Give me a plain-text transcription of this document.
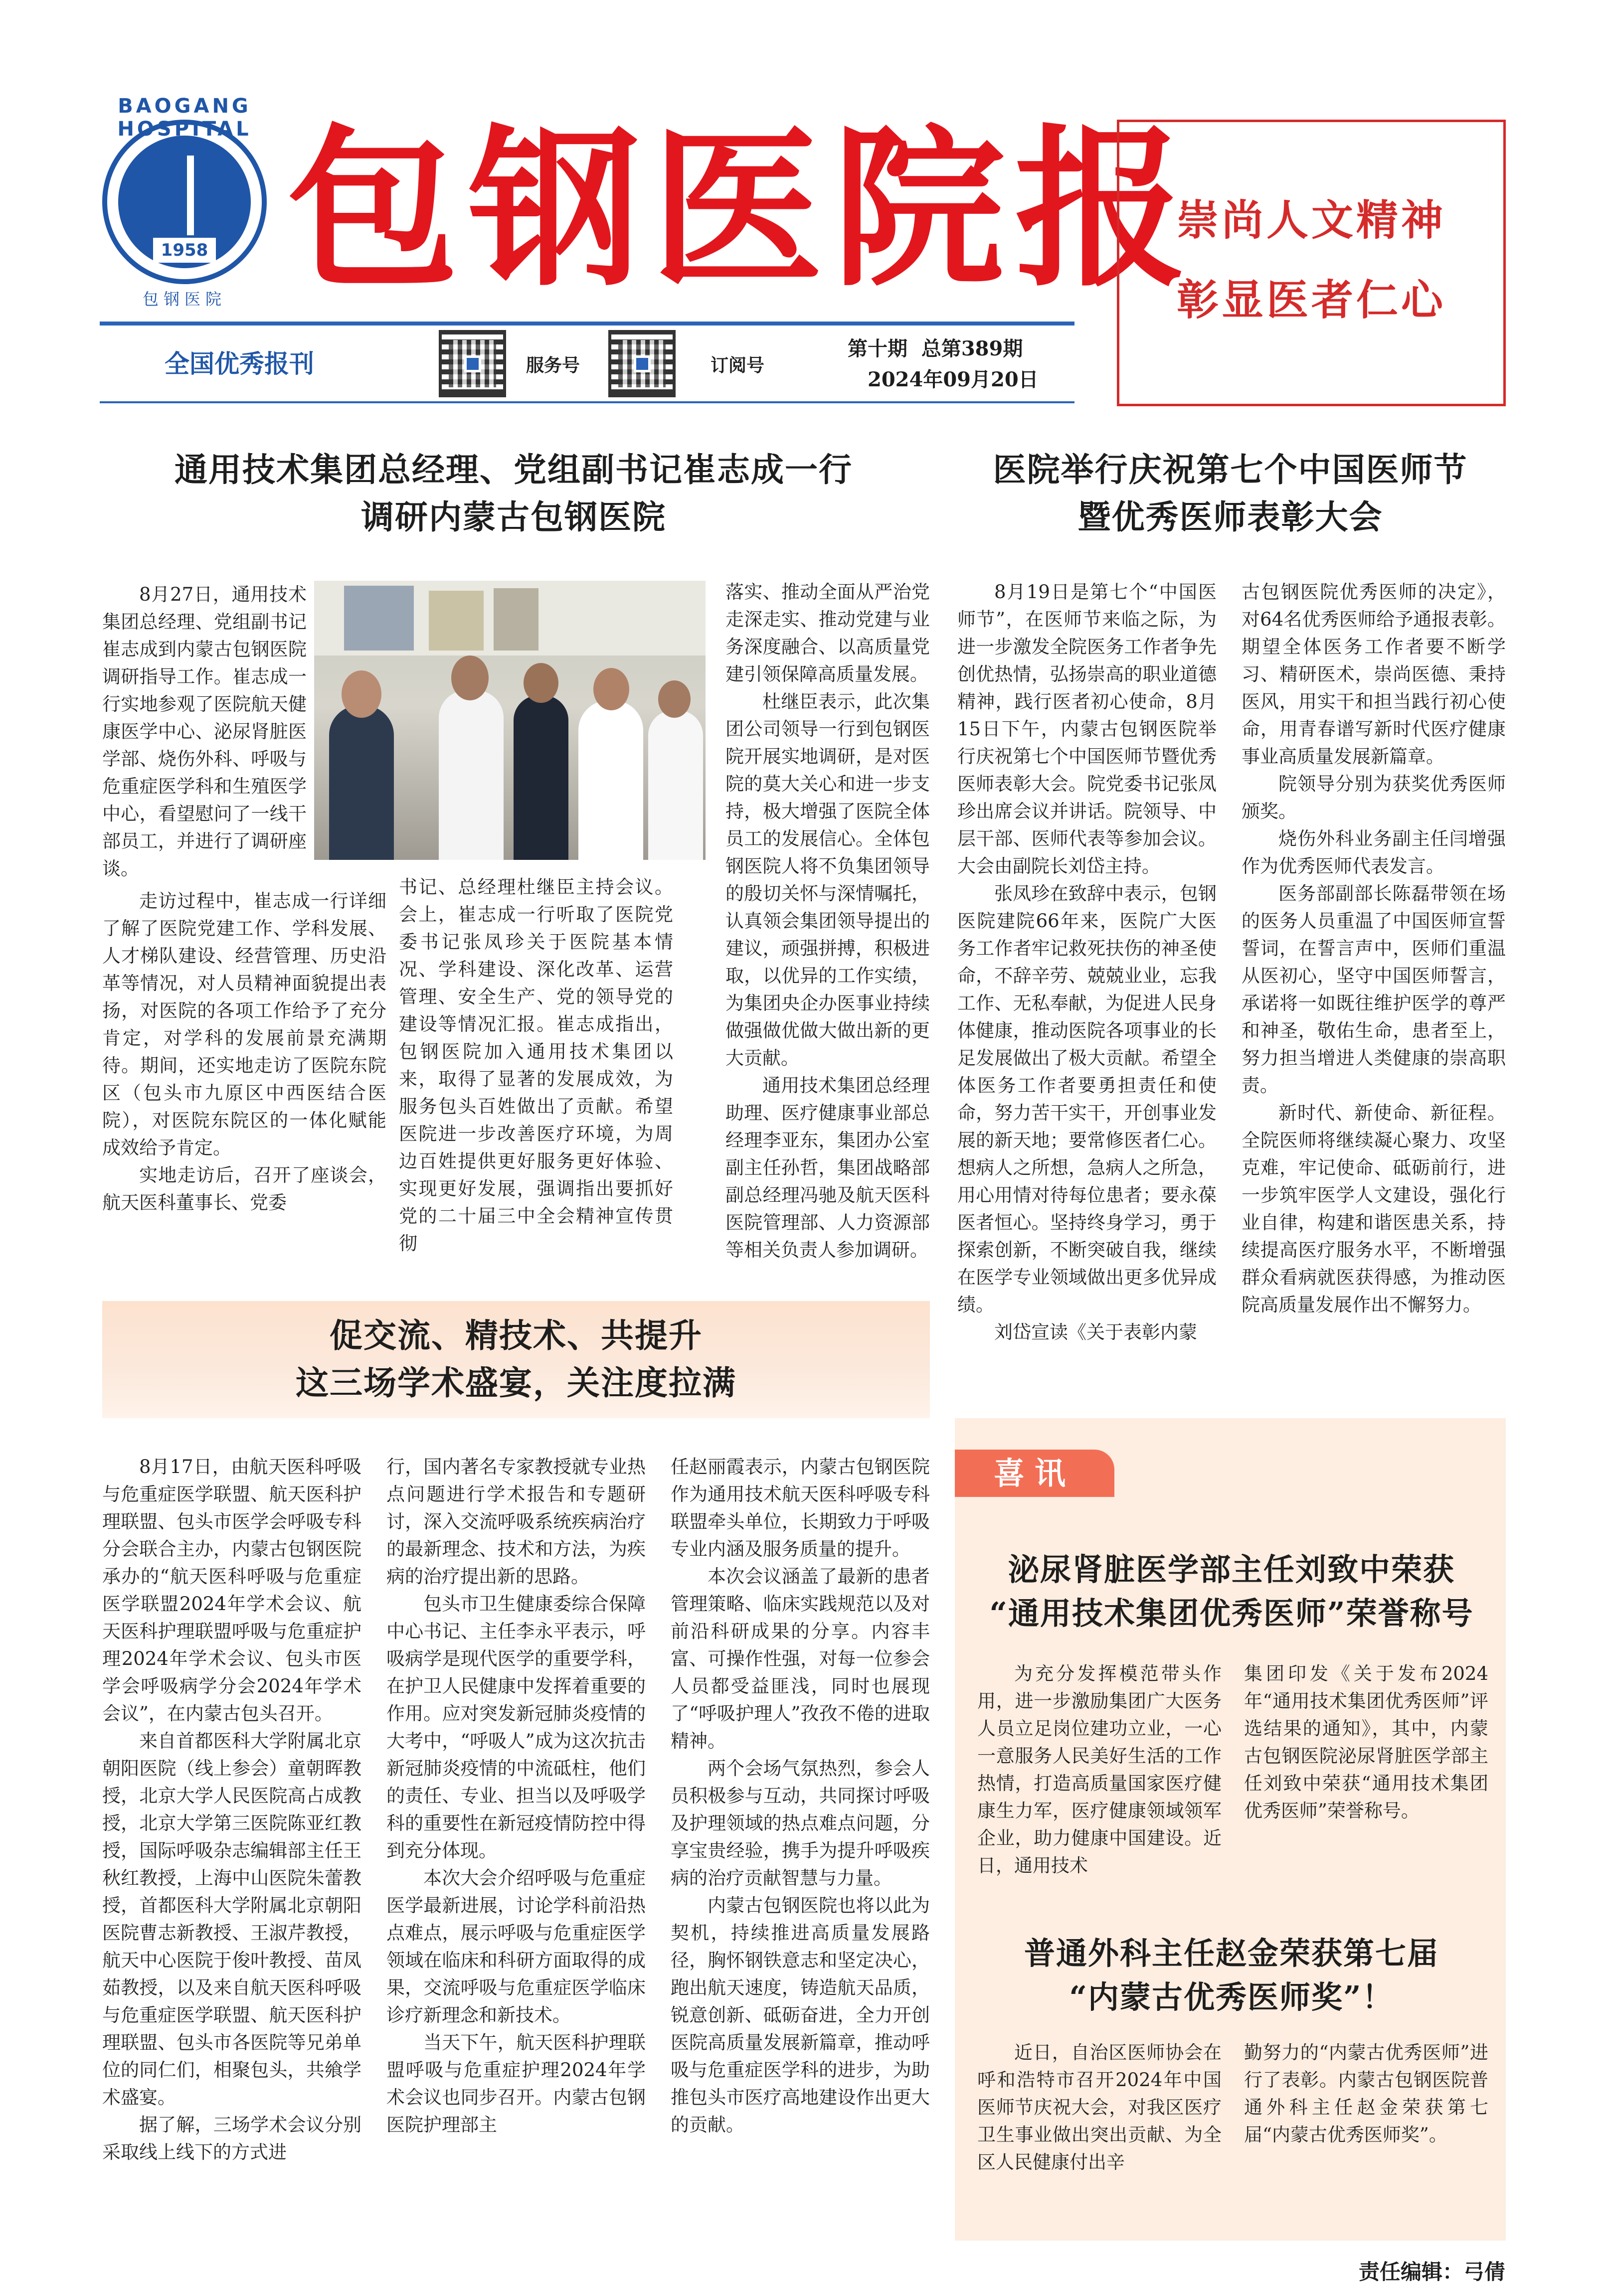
1958
BAOGANG HOSPITAL
包钢医院 包钢医院报
崇尚人文精神
彰显医者仁心
全国优秀报刊	服务号	订阅号
第十期  总第389期
2024年09月20日
通用技术集团总经理、党组副书记崔志成一行
调研内蒙古包钢医院

8月27日，通用技术集团总经理、党组副书记崔志成到内蒙古包钢医院调研指导工作。崔志成一行实地参观了医院航天健康医学中心、泌尿肾脏医学部、烧伤外科、呼吸与危重症医学科和生殖医学中心，看望慰问了一线干部员工，并进行了调研座谈。

走访过程中，崔志成一行详细了解了医院党建工作、学科发展、人才梯队建设、经营管理、历史沿革等情况，对人员精神面貌提出表扬，对医院的各项工作给予了充分肯定，对学科的发展前景充满期待。期间，还实地走访了医院东院区（包头市九原区中西医结合医院），对医院东院区的一体化赋能成效给予肯定。

实地走访后，召开了座谈会，航天医科董事长、党委

书记、总经理杜继臣主持会议。会上，崔志成一行听取了医院党委书记张凤珍关于医院基本情况、学科建设、深化改革、运营管理、安全生产、党的领导党的建设等情况汇报。崔志成指出，包钢医院加入通用技术集团以来，取得了显著的发展成效，为服务包头百姓做出了贡献。希望医院进一步改善医疗环境，为周边百姓提供更好服务更好体验、实现更好发展，强调指出要抓好党的二十届三中全会精神宣传贯彻

落实、推动全面从严治党走深走实、推动党建与业务深度融合、以高质量党建引领保障高质量发展。

杜继臣表示，此次集团公司领导一行到包钢医院开展实地调研，是对医院的莫大关心和进一步支持，极大增强了医院全体员工的发展信心。全体包钢医院人将不负集团领导的殷切关怀与深情嘱托，认真领会集团领导提出的建议，顽强拼搏，积极进取，以优异的工作实绩，为集团央企办医事业持续做强做优做大做出新的更大贡献。

通用技术集团总经理助理、医疗健康事业部总经理李亚东，集团办公室副主任孙哲，集团战略部副总经理冯驰及航天医科医院管理部、人力资源部等相关负责人参加调研。

医院举行庆祝第七个中国医师节
暨优秀医师表彰大会

8月19日是第七个“中国医师节”，在医师节来临之际，为进一步激发全院医务工作者争先创优热情，弘扬崇高的职业道德精神，践行医者初心使命，8月15日下午，内蒙古包钢医院举行庆祝第七个中国医师节暨优秀医师表彰大会。院党委书记张凤珍出席会议并讲话。院领导、中层干部、医师代表等参加会议。大会由副院长刘岱主持。

张凤珍在致辞中表示，包钢医院建院66年来，医院广大医务工作者牢记救死扶伤的神圣使命，不辞辛劳、兢兢业业，忘我工作、无私奉献，为促进人民身体健康，推动医院各项事业的长足发展做出了极大贡献。希望全体医务工作者要勇担责任和使命，努力苦干实干，开创事业发展的新天地；要常修医者仁心。想病人之所想，急病人之所急，用心用情对待每位患者；要永葆医者恒心。坚持终身学习，勇于探索创新，不断突破自我，继续在医学专业领域做出更多优异成绩。

刘岱宣读《关于表彰内蒙

古包钢医院优秀医师的决定》，对64名优秀医师给予通报表彰。期望全体医务工作者要不断学习、精研医术，崇尚医德、秉持医风，用实干和担当践行初心使命，用青春谱写新时代医疗健康事业高质量发展新篇章。

院领导分别为获奖优秀医师颁奖。

烧伤外科业务副主任闫增强作为优秀医师代表发言。

医务部副部长陈磊带领在场的医务人员重温了中国医师宣誓誓词，在誓言声中，医师们重温从医初心，坚守中国医师誓言，承诺将一如既往维护医学的尊严和神圣，敬佑生命，患者至上，努力担当增进人类健康的崇高职责。

新时代、新使命、新征程。全院医师将继续凝心聚力、攻坚克难，牢记使命、砥砺前行，进一步筑牢医学人文建设，强化行业自律，构建和谐医患关系，持续提高医疗服务水平，不断增强群众看病就医获得感，为推动医院高质量发展作出不懈努力。

促交流、精技术、共提升
这三场学术盛宴，关注度拉满

8月17日，由航天医科呼吸与危重症医学联盟、航天医科护理联盟、包头市医学会呼吸专科分会联合主办，内蒙古包钢医院承办的“航天医科呼吸与危重症医学联盟2024年学术会议、航天医科护理联盟呼吸与危重症护理2024年学术会议、包头市医学会呼吸病学分会2024年学术会议”，在内蒙古包头召开。

来自首都医科大学附属北京朝阳医院（线上参会）童朝晖教授，北京大学人民医院高占成教授，北京大学第三医院陈亚红教授，国际呼吸杂志编辑部主任王秋红教授，上海中山医院朱蕾教授，首都医科大学附属北京朝阳医院曹志新教授、王淑芹教授，航天中心医院于俊叶教授、苗凤茹教授，以及来自航天医科呼吸与危重症医学联盟、航天医科护理联盟、包头市各医院等兄弟单位的同仁们，相聚包头，共飨学术盛宴。

据了解，三场学术会议分别采取线上线下的方式进

行，国内著名专家教授就专业热点问题进行学术报告和专题研讨，深入交流呼吸系统疾病治疗的最新理念、技术和方法，为疾病的治疗提出新的思路。

包头市卫生健康委综合保障中心书记、主任李永平表示，呼吸病学是现代医学的重要学科，在护卫人民健康中发挥着重要的作用。应对突发新冠肺炎疫情的大考中，“呼吸人”成为这次抗击新冠肺炎疫情的中流砥柱，他们的责任、专业、担当以及呼吸学科的重要性在新冠疫情防控中得到充分体现。

本次大会介绍呼吸与危重症医学最新进展，讨论学科前沿热点难点，展示呼吸与危重症医学领域在临床和科研方面取得的成果，交流呼吸与危重症医学临床诊疗新理念和新技术。

当天下午，航天医科护理联盟呼吸与危重症护理2024年学术会议也同步召开。内蒙古包钢医院护理部主

任赵丽霞表示，内蒙古包钢医院作为通用技术航天医科呼吸专科联盟牵头单位，长期致力于呼吸专业内涵及服务质量的提升。

本次会议涵盖了最新的患者管理策略、临床实践规范以及对前沿科研成果的分享。内容丰富、可操作性强，对每一位参会人员都受益匪浅，同时也展现了“呼吸护理人”孜孜不倦的进取精神。

两个会场气氛热烈，参会人员积极参与互动，共同探讨呼吸及护理领域的热点难点问题，分享宝贵经验，携手为提升呼吸疾病的治疗贡献智慧与力量。

内蒙古包钢医院也将以此为契机，持续推进高质量发展路径，胸怀钢铁意志和坚定决心，跑出航天速度，铸造航天品质，锐意创新、砥砺奋进，全力开创医院高质量发展新篇章，推动呼吸与危重症医学科的进步，为助推包头市医疗高地建设作出更大的贡献。

喜讯
泌尿肾脏医学部主任刘致中荣获
“通用技术集团优秀医师”荣誉称号

为充分发挥模范带头作用，进一步激励集团广大医务人员立足岗位建功立业，一心一意服务人民美好生活的工作热情，打造高质量国家医疗健康生力军，医疗健康领域领军企业，助力健康中国建设。近日，通用技术

集团印发《关于发布2024年“通用技术集团优秀医师”评选结果的通知》，其中，内蒙古包钢医院泌尿肾脏医学部主任刘致中荣获“通用技术集团优秀医师”荣誉称号。

普通外科主任赵金荣获第七届
“内蒙古优秀医师奖”！

近日，自治区医师协会在呼和浩特市召开2024年中国医师节庆祝大会，对我区医疗卫生事业做出突出贡献、为全区人民健康付出辛

勤努力的“内蒙古优秀医师”进行了表彰。内蒙古包钢医院普通外科主任赵金荣获第七届“内蒙古优秀医师奖”。

责任编辑：弓倩
